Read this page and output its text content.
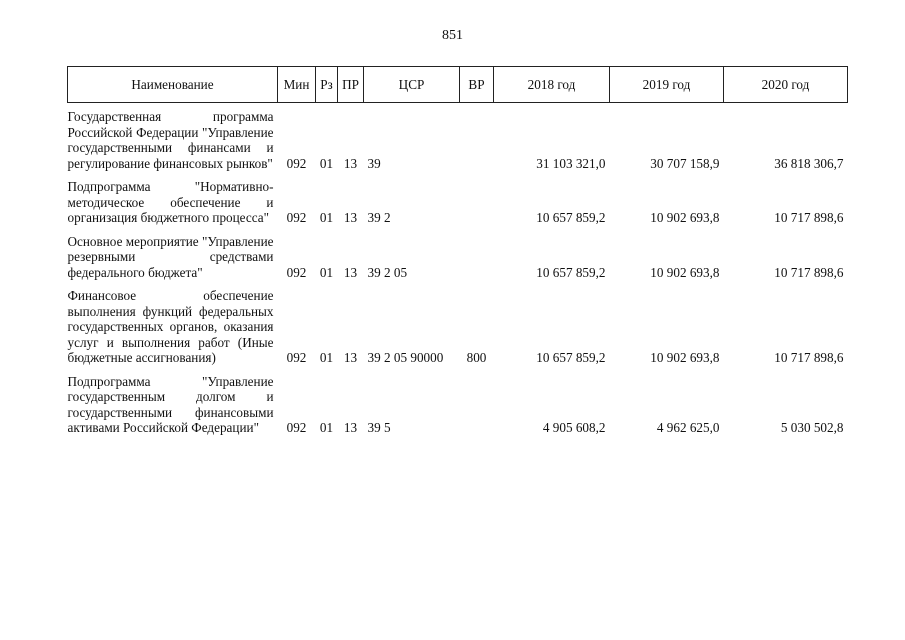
851
Наименование	Мин	Рз	ПР	ЦСР	ВР	2018 год	2019 год	2020 год

Государственная программа Российской Федерации "Управление государственными финансами и регулирование финансовых рынков"	092	01	13	39		31 103 321,0	30 707 158,9	36 818 306,7

Подпрограмма "Нормативно-методическое обеспечение и организация бюджетного процесса"	092	01	13	39 2		10 657 859,2	10 902 693,8	10 717 898,6

Основное мероприятие "Управление резервными средствами федерального бюджета"	092	01	13	39 2 05		10 657 859,2	10 902 693,8	10 717 898,6

Финансовое обеспечение выполнения функций федеральных государственных органов, оказания услуг и выполнения работ (Иные бюджетные ассигнования)	092	01	13	39 2 05 90000	800	10 657 859,2	10 902 693,8	10 717 898,6

Подпрограмма "Управление государственным долгом и государственными финансовыми активами Российской Федерации"	092	01	13	39 5		4 905 608,2	4 962 625,0	5 030 502,8
